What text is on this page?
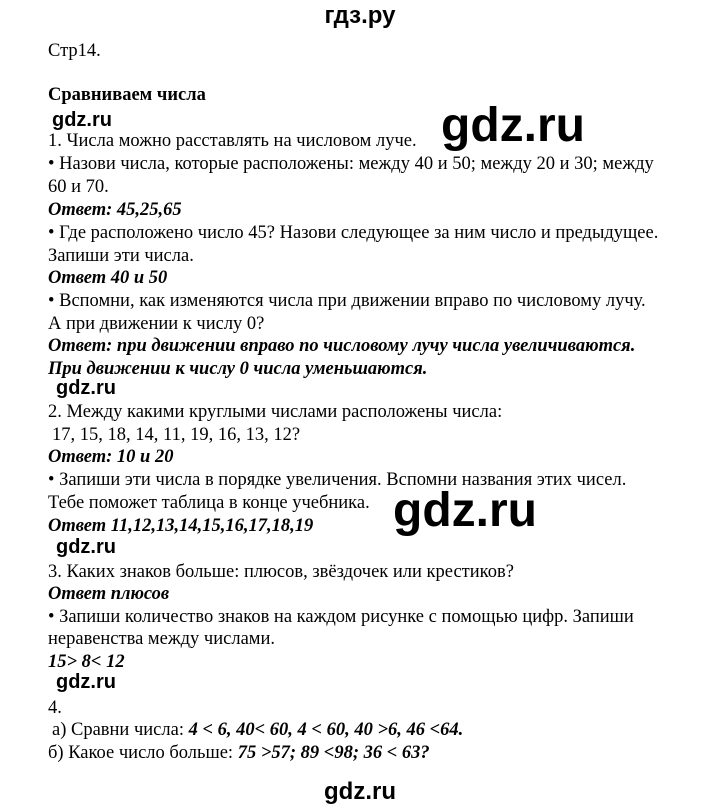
гдз.ру
Стр14.
Сравниваем числа
1. Числа можно расставлять на числовом луче.
• Назови числа, которые расположены: между 40 и 50; между 20 и 30; между
60 и 70.
Ответ: 45,25,65
• Где расположено число 45? Назови следующее за ним число и предыдущее.
Запиши эти числа.
Ответ 40 и 50
• Вспомни, как изменяются числа при движении вправо по числовому лучу.
А при движении к числу 0?
Ответ: при движении вправо по числовому лучу числа увеличиваются.
При движении к числу 0 числа уменьшаются.
gdz.ru
gdz.ru
gdz.ru
2. Между какими круглыми числами расположены числа:
17, 15, 18, 14, 11, 19, 16, 13, 12?
Ответ: 10 и 20
• Запиши эти числа в порядке увеличения. Вспомни названия этих чисел.
Тебе поможет таблица в конце учебника.
Ответ 11,12,13,14,15,16,17,18,19 gdz.ru
gdz.ru
3. Каких знаков больше: плюсов, звёздочек или крестиков?
Ответ плюсов
• Запиши количество знаков на каждом рисунке с помощью цифр. Запиши
неравенства между числами.
15> 8< 12
gdz.ru
4.
а) Сравни числа: 4 < 6, 40< 60, 4 < 60, 40 >6, 46 <64.
б) Какое число больше: 75 >57; 89 <98; 36 < 63?
gdz.ru
